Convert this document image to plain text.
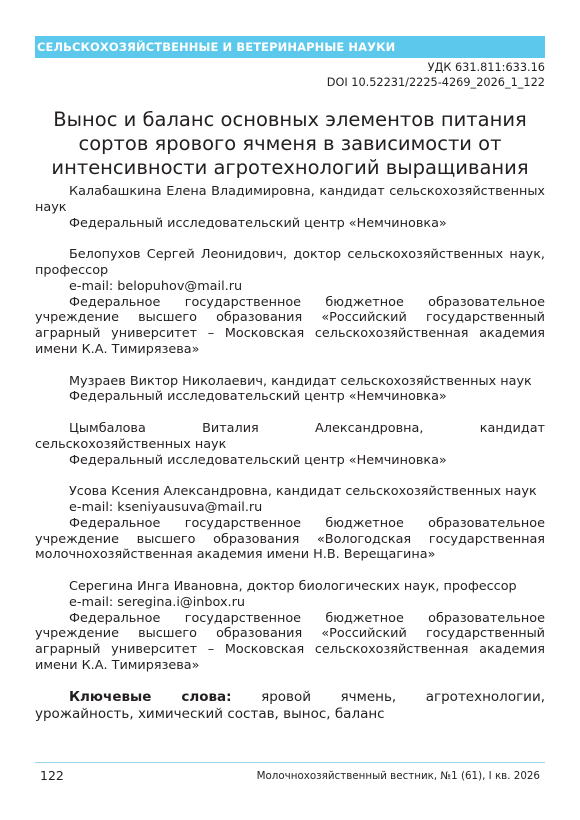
СЕЛЬСКОХОЗЯЙСТВЕННЫЕ И ВЕТЕРИНАРНЫЕ НАУКИ
УДК 631.811:633.16
DOI 10.52231/2225-4269_2026_1_122
Вынос и баланс основных элементов питания
сортов ярового ячменя в зависимости от
интенсивности агротехнологий выращивания

Калабашкина Елена Владимировна, кандидат сельскохозяйственных наук

Федеральный исследовательский центр «Немчиновка»

Белопухов Сергей Леонидович, доктор сельскохозяйственных наук, профессор

e-mail: belopuhov@mail.ru

Федеральное государственное бюджетное образовательное учреждение высшего образования «Российский государственный аграрный университет – Московская сельскохозяйственная академия имени К.А. Тимирязева»

Музраев Виктор Николаевич, кандидат сельскохозяйственных наук

Федеральный исследовательский центр «Немчиновка»

Цымбалова Виталия Александровна, кандидат сельскохозяйственных наук

Федеральный исследовательский центр «Немчиновка»

Усова Ксения Александровна, кандидат сельскохозяйственных наук

e-mail: kseniyausuva@mail.ru

Федеральное государственное бюджетное образовательное учреждение высшего образования «Вологодская государственная молочнохозяйственная академия имени Н.В. Верещагина»

Серегина Инга Ивановна, доктор биологических наук, профессор

e-mail: seregina.i@inbox.ru

Федеральное государственное бюджетное образовательное учреждение высшего образования «Российский государственный аграрный университет – Московская сельскохозяйственная академия имени К.А. Тимирязева»

Ключевые слова: яровой ячмень, агротехнологии, урожайность, химический состав, вынос, баланс

122	Молочнохозяйственный вестник, №1 (61), I кв. 2026
